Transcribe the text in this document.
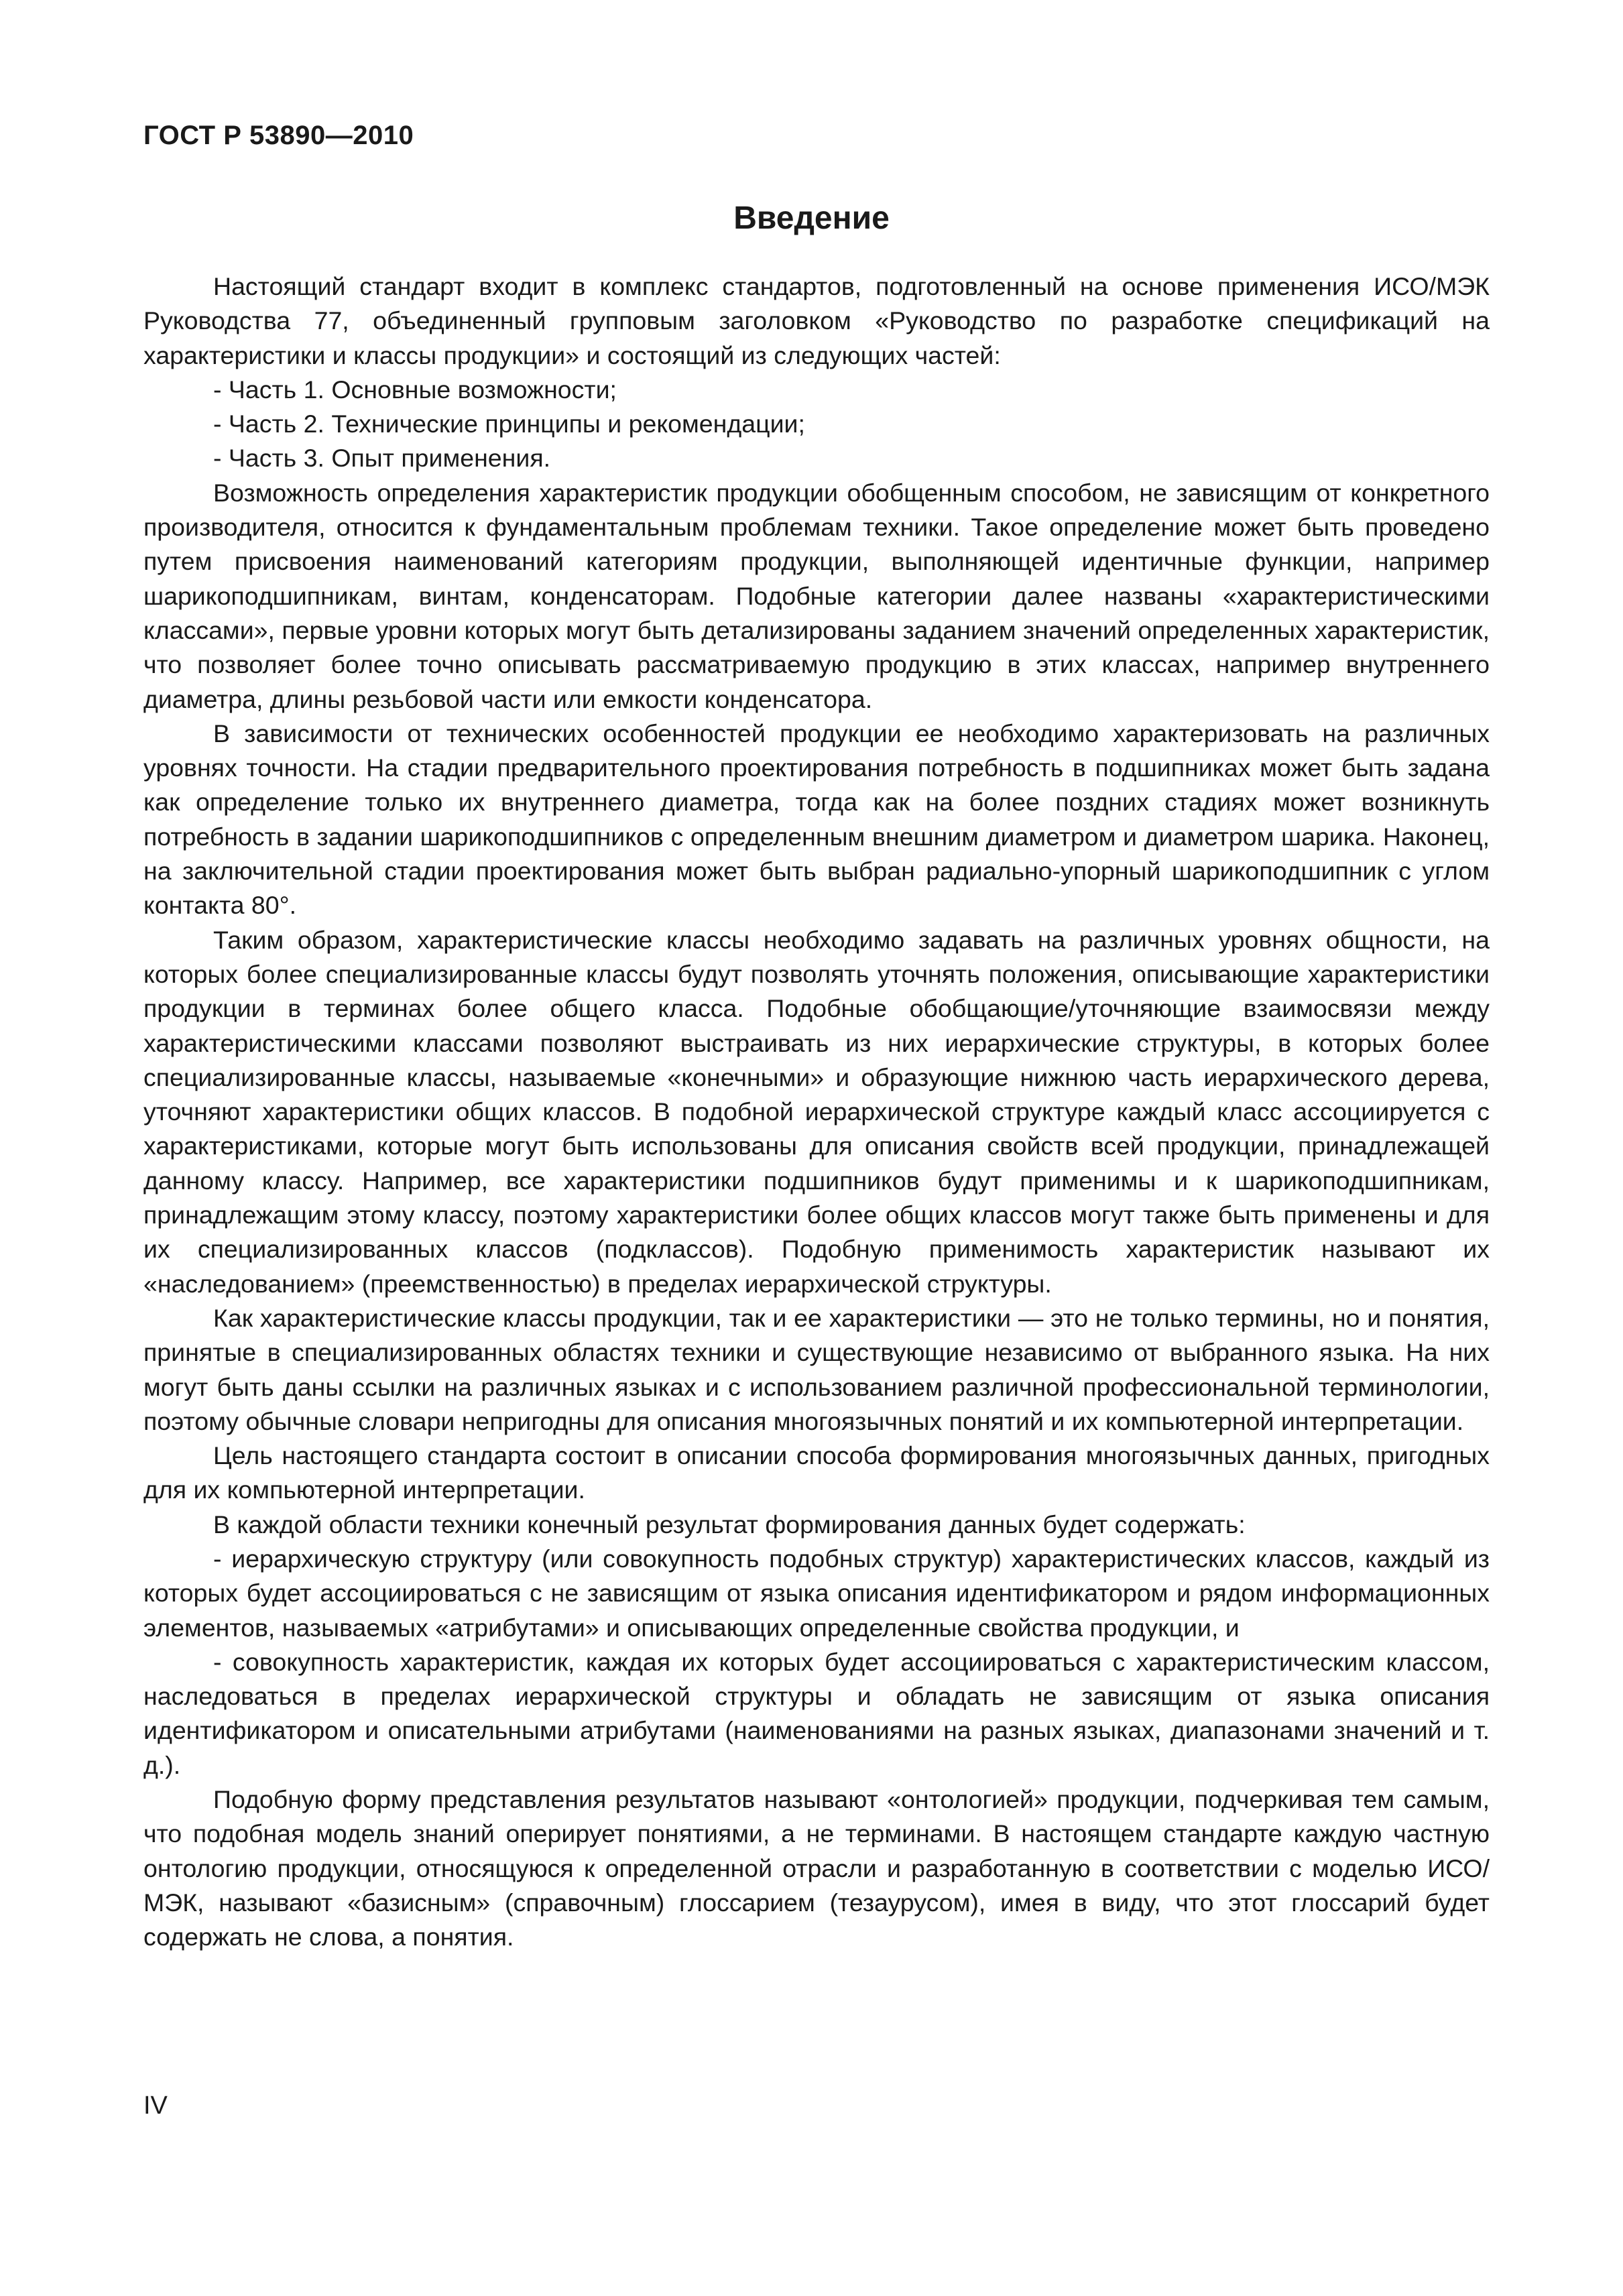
ГОСТ Р 53890—2010
Введение

Настоящий стандарт входит в комплекс стандартов, подготовленный на основе применения ИСО/МЭК Руководства 77, объединенный групповым заголовком «Руководство по разработке спецификаций на характеристики и классы продукции» и состоящий из следующих частей:

- Часть 1. Основные возможности;

- Часть 2. Технические принципы и рекомендации;

- Часть 3. Опыт применения.

Возможность определения характеристик продукции обобщенным способом, не зависящим от конкретного производителя, относится к фундаментальным проблемам техники. Такое определение может быть проведено путем присвоения наименований категориям продукции, выполняющей идентичные функции, например шарикоподшипникам, винтам, конденсаторам. Подобные категории далее названы «характеристическими классами», первые уровни которых могут быть детализированы заданием значений определенных характеристик, что позволяет более точно описывать рассматриваемую продукцию в этих классах, например внутреннего диаметра, длины резьбовой части или емкости конденсатора.

В зависимости от технических особенностей продукции ее необходимо характеризовать на различных уровнях точности. На стадии предварительного проектирования потребность в подшипниках может быть задана как определение только их внутреннего диаметра, тогда как на более поздних стадиях может возникнуть потребность в задании шарикоподшипников с определенным внешним диаметром и диаметром шарика. Наконец, на заключительной стадии проектирования может быть выбран радиально-упорный шарикоподшипник с углом контакта 80°.

Таким образом, характеристические классы необходимо задавать на различных уровнях общности, на которых более специализированные классы будут позволять уточнять положения, описывающие характеристики продукции в терминах более общего класса. Подобные обобщающие/уточняющие взаимосвязи между характеристическими классами позволяют выстраивать из них иерархические структуры, в которых более специализированные классы, называемые «конечными» и образующие нижнюю часть иерархического дерева, уточняют характеристики общих классов. В подобной иерархической структуре каждый класс ассоциируется с характеристиками, которые могут быть использованы для описания свойств всей продукции, принадлежащей данному классу. Например, все характеристики подшипников будут применимы и к шарикоподшипникам, принадлежащим этому классу, поэтому характеристики более общих классов могут также быть применены и для их специализированных классов (подклассов). Подобную применимость характеристик называют их «наследованием» (преемственностью) в пределах иерархической структуры.

Как характеристические классы продукции, так и ее характеристики — это не только термины, но и понятия, принятые в специализированных областях техники и существующие независимо от выбранного языка. На них могут быть даны ссылки на различных языках и с использованием различной профессиональной терминологии, поэтому обычные словари непригодны для описания многоязычных понятий и их компьютерной интерпретации.

Цель настоящего стандарта состоит в описании способа формирования многоязычных данных, пригодных для их компьютерной интерпретации.

В каждой области техники конечный результат формирования данных будет содержать:

- иерархическую структуру (или совокупность подобных структур) характеристических классов, каждый из которых будет ассоциироваться с не зависящим от языка описания идентификатором и рядом информационных элементов, называемых «атрибутами» и описывающих определенные свойства продукции, и

- совокупность характеристик, каждая их которых будет ассоциироваться с характеристическим классом, наследоваться в пределах иерархической структуры и обладать не зависящим от языка описания идентификатором и описательными атрибутами (наименованиями на разных языках, диапазонами значений и т. д.).

Подобную форму представления результатов называют «онтологией» продукции, подчеркивая тем самым, что подобная модель знаний оперирует понятиями, а не терминами. В настоящем стандарте каждую частную онтологию продукции, относящуюся к определенной отрасли и разработанную в соответствии с моделью ИСО/МЭК, называют «базисным» (справочным) глоссарием (тезаурусом), имея в виду, что этот глоссарий будет содержать не слова, а понятия.

IV
